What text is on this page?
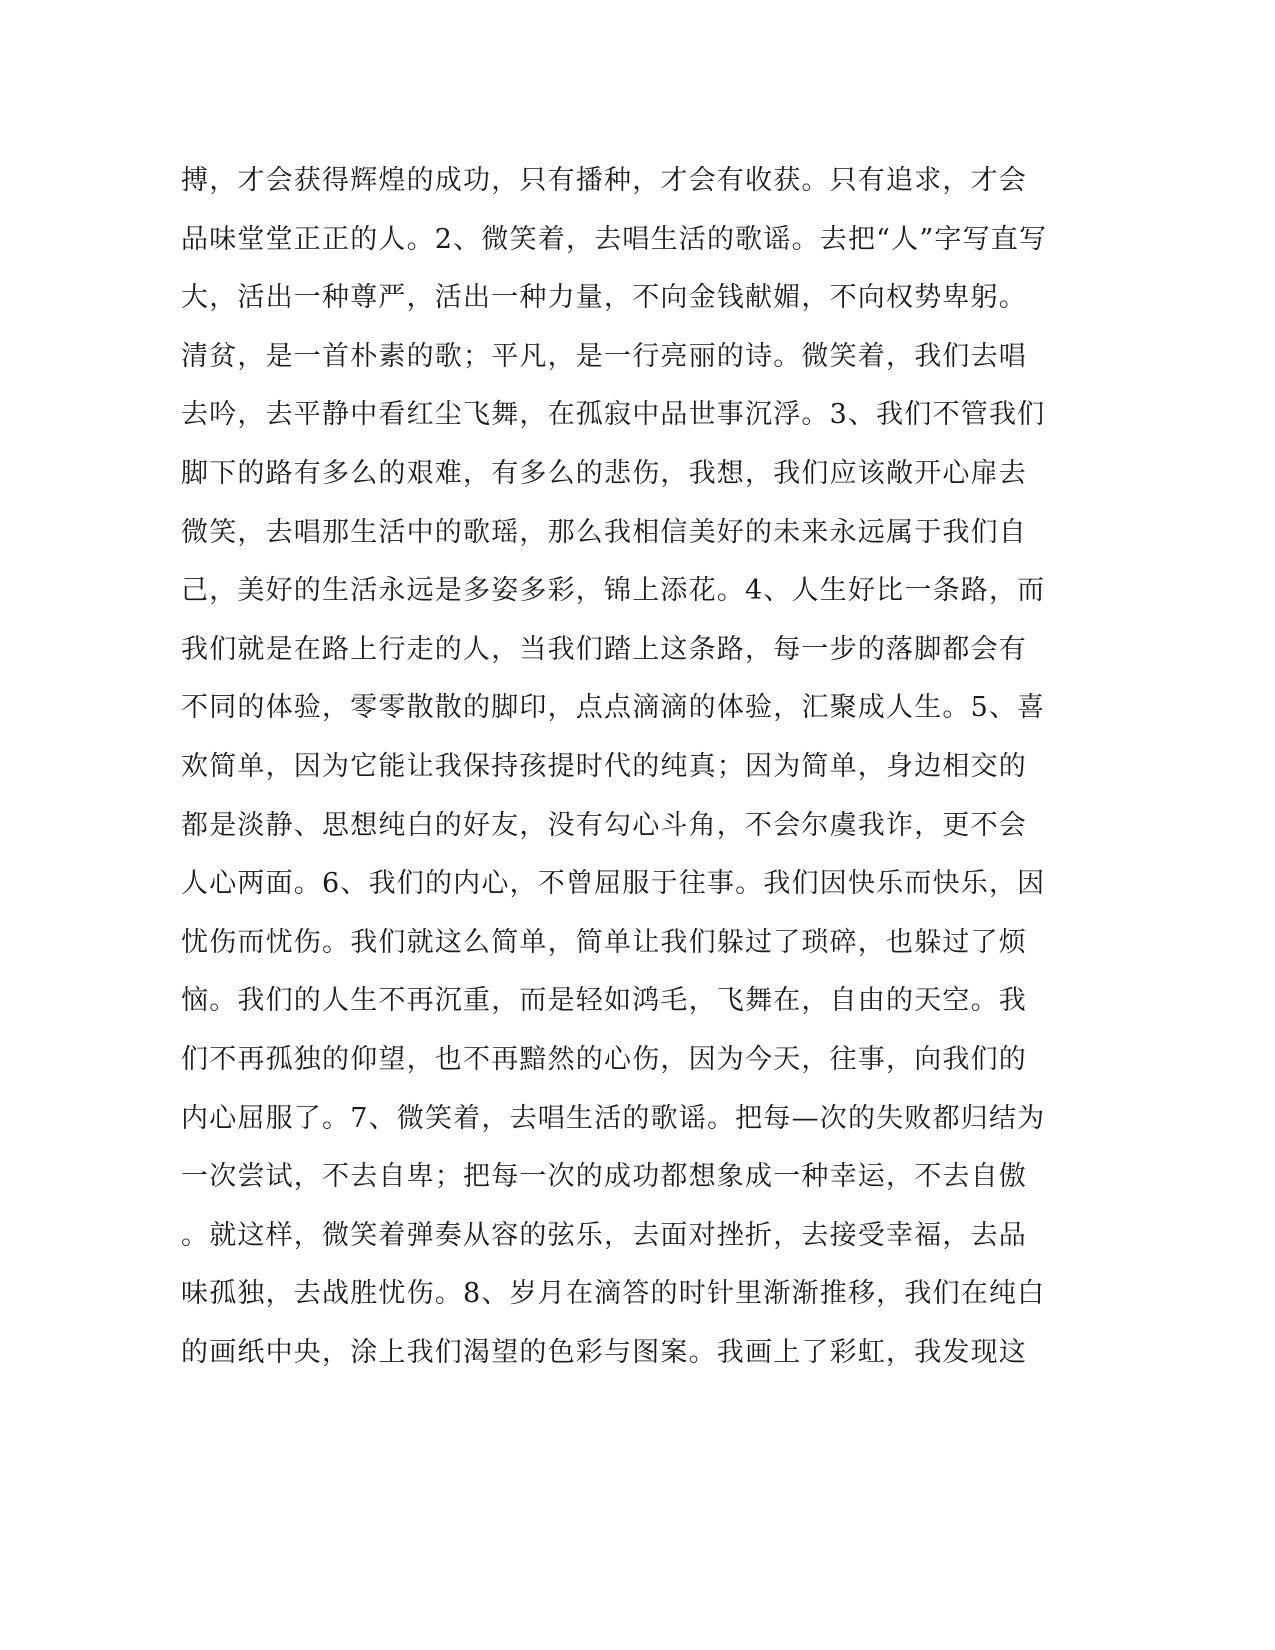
搏，才会获得辉煌的成功，只有播种，才会有收获。只有追求，才会
品味堂堂正正的人。2、微笑着，去唱生活的歌谣。去把“人”字写直写
大，活出一种尊严，活出一种力量，不向金钱献媚，不向权势卑躬。
清贫，是一首朴素的歌；平凡，是一行亮丽的诗。微笑着，我们去唱
去吟，去平静中看红尘飞舞，在孤寂中品世事沉浮。3、我们不管我们
脚下的路有多么的艰难，有多么的悲伤，我想，我们应该敞开心扉去
微笑，去唱那生活中的歌瑶，那么我相信美好的未来永远属于我们自
己，美好的生活永远是多姿多彩，锦上添花。4、人生好比一条路，而
我们就是在路上行走的人，当我们踏上这条路，每一步的落脚都会有
不同的体验，零零散散的脚印，点点滴滴的体验，汇聚成人生。5、喜
欢简单，因为它能让我保持孩提时代的纯真；因为简单，身边相交的
都是淡静、思想纯白的好友，没有勾心斗角，不会尔虞我诈，更不会
人心两面。6、我们的内心，不曾屈服于往事。我们因快乐而快乐，因
忧伤而忧伤。我们就这么简单，简单让我们躲过了琐碎，也躲过了烦
恼。我们的人生不再沉重，而是轻如鸿毛，飞舞在，自由的天空。我
们不再孤独的仰望，也不再黯然的心伤，因为今天，往事，向我们的
内心屈服了。7、微笑着，去唱生活的歌谣。把每—次的失败都归结为
一次尝试，不去自卑；把每一次的成功都想象成一种幸运，不去自傲
。就这样，微笑着弹奏从容的弦乐，去面对挫折，去接受幸福，去品
味孤独，去战胜忧伤。8、岁月在滴答的时针里渐渐推移，我们在纯白
的画纸中央，涂上我们渴望的色彩与图案。我画上了彩虹，我发现这
